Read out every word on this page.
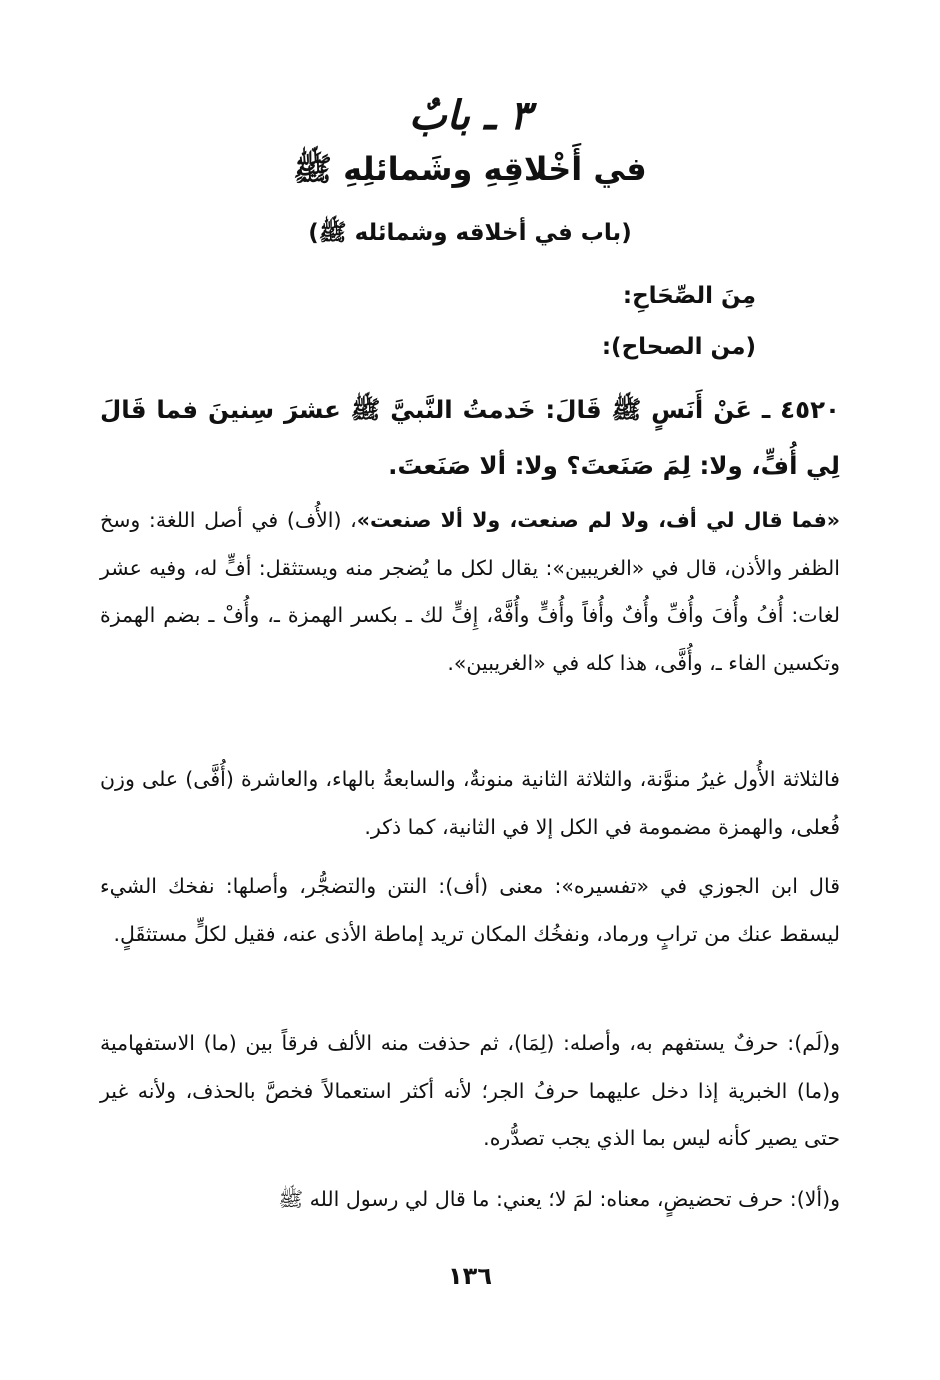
٣ ـ بابٌ
في أَخْلاقِهِ وشَمائلِهِ ﷺ
(باب في أخلاقه وشمائله ﷺ)
مِنَ الصِّحَاحِ:
(من الصحاح):
٤٥٢٠ ـ عَنْ أَنَسٍ ﷺ قَالَ: خَدمتُ النَّبيَّ ﷺ عشرَ سِنينَ فما قَالَ لِي أُفٍّ، ولا: لِمَ صَنَعتَ؟ ولا: ألا صَنَعتَ.
«فما قال لي أف، ولا لم صنعت، ولا ألا صنعت»، (الأُف) في أصل اللغة: وسخ الظفر والأذن، قال في «الغريبين»: يقال لكل ما يُضجر منه ويستثقل: أفٍّ له، وفيه عشر لغات: أُفُ وأُفَ وأُفِّ وأُفٌ وأُفاً وأُفٍّ وأُفَّهْ، إِفٍّ لك ـ بكسر الهمزة ـ، وأُفْ ـ بضم الهمزة وتكسين الفاء ـ، وأُفَّى، هذا كله في «الغريبين».
فالثلاثة الأُول غيرُ منوَّنة، والثلاثة الثانية منونةٌ، والسابعةُ بالهاء، والعاشرة (أُفَّى) على وزن فُعلى، والهمزة مضمومة في الكل إلا في الثانية، كما ذكر.
قال ابن الجوزي في «تفسيره»: معنى (أف): النتن والتضجُّر، وأصلها: نفخك الشيء ليسقط عنك من ترابٍ ورماد، ونفخُك المكان تريد إماطة الأذى عنه، فقيل لكلٍّ مستثقَلٍ.
و(لَم): حرفٌ يستفهم به، وأصله: (لِمَا)، ثم حذفت منه الألف فرقاً بين (ما) الاستفهامية و(ما) الخبرية إذا دخل عليهما حرفُ الجر؛ لأنه أكثر استعمالاً فخصَّ بالحذف، ولأنه غير حتى يصير كأنه ليس بما الذي يجب تصدُّره.
و(ألا): حرف تحضيضٍ، معناه: لمَ لا؛ يعني: ما قال لي رسول الله ﷺ
١٣٦
